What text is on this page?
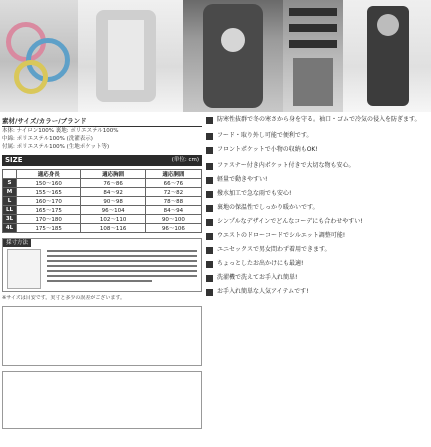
素材/サイズ/カラー/ブランド
本体: ナイロン100% 裏地: ポリエステル100%
中綿: ポリエステル100% (洗濯表示)
付属: ポリエステル100% (生地ポケット等)
SIZE	(単位: cm)
	適応身長	適応胸囲	適応胴囲
S	150〜160	76〜86	66〜76
M	155〜165	84〜92	72〜82
L	160〜170	90〜98	78〜88
LL	165〜175	96〜104	84〜94
3L	170〜180	102〜110	90〜100
4L	175〜185	108〜116	96〜106
採寸方法
※サイズは目安です。実寸と多少の誤差がございます。
防寒性抜群で冬の寒さから身を守る。袖口・ゴムで冷気の侵入を防ぎます。
フード・取り外し可能で便利です。
フロントポケットで小物の収納もOK!
ファスナー付き内ポケット付きで大切な物も安心。
軽量で動きやすい!
撥水加工で急な雨でも安心!
裏地の保温性でしっかり暖かいです。
シンプルなデザインでどんなコーデにも合わせやすい!
ウエストのドローコードでシルエット調整可能!
ユニセックスで男女問わず着用できます。
ちょっとしたお出かけにも最適!
洗濯機で洗えてお手入れ簡単!
お手入れ簡単な人気アイテムです!
